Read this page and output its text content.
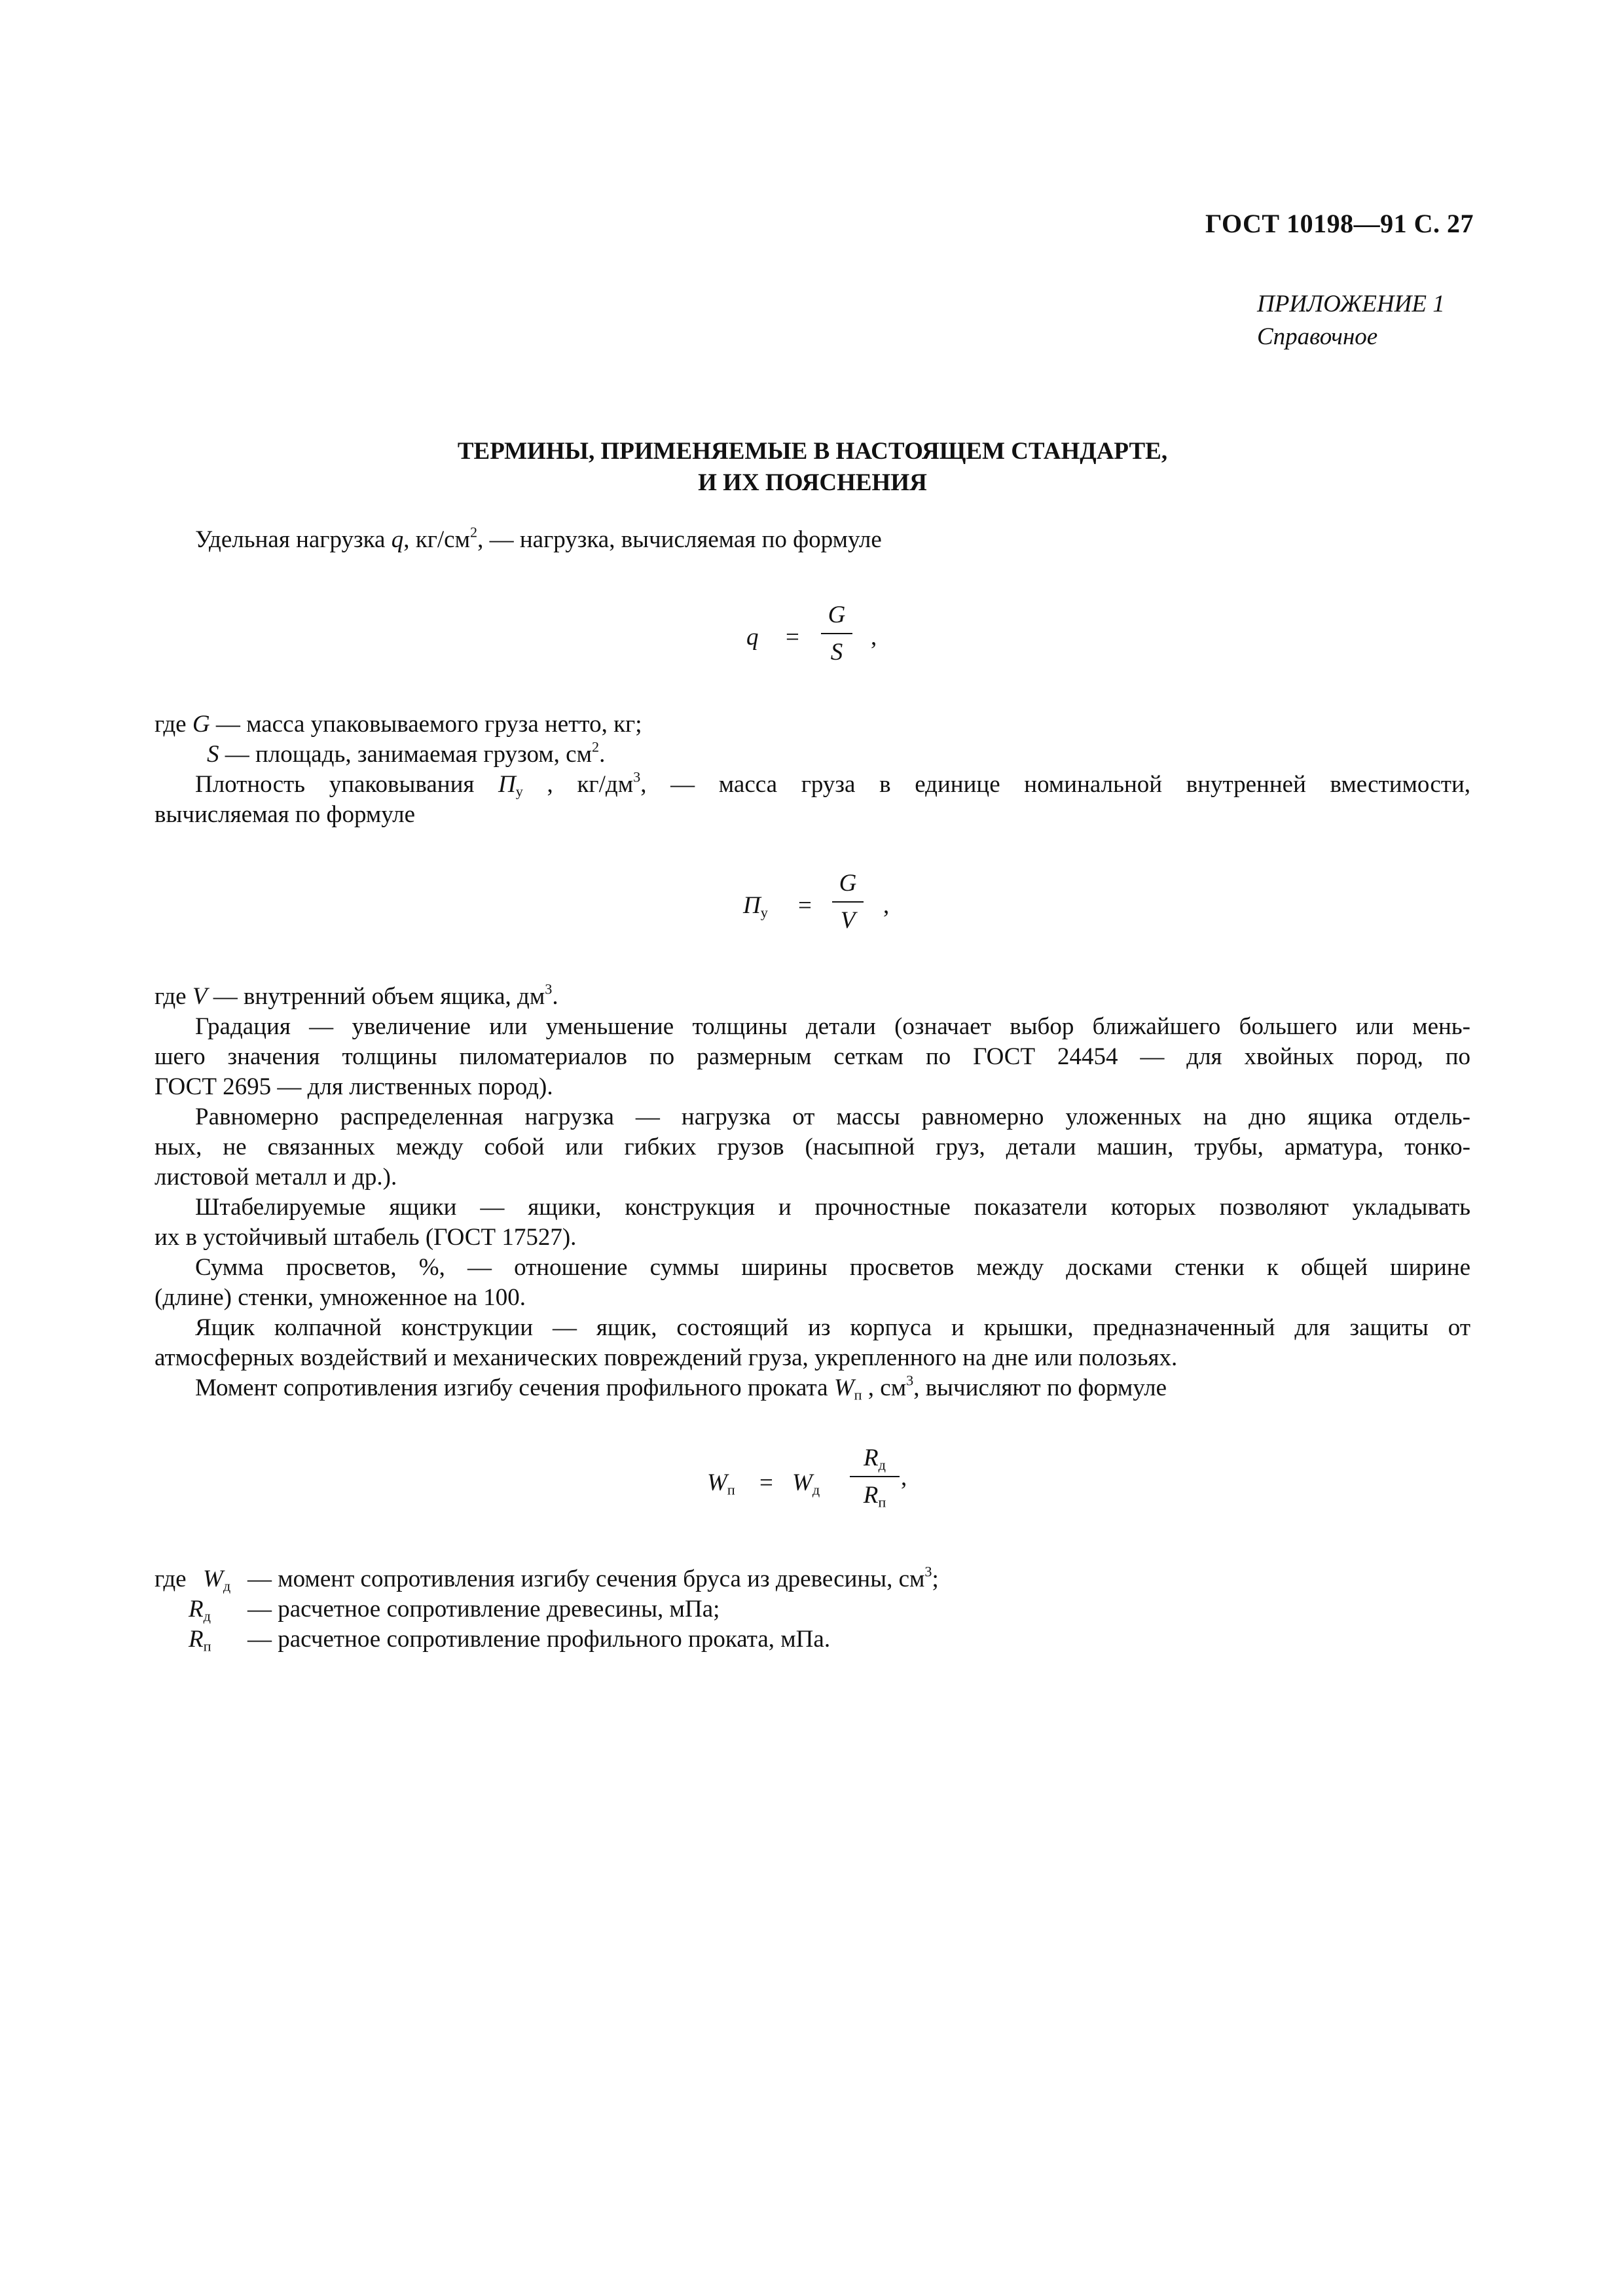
ГОСТ 10198—91 С. 27
ПРИЛОЖЕНИЕ 1
Справочное
ТЕРМИНЫ, ПРИМЕНЯЕМЫЕ В НАСТОЯЩЕМ СТАНДАРТЕ,
И ИХ ПОЯСНЕНИЯ
Удельная нагрузка q, $кг/см^2$, — нагрузка, вычисляемая по формуле
q =
G
S
,
где G — масса упаковываемого груза нетто, кг;
S — площадь, занимаемая грузом, $см^2$.
Плотность упаковывания $П_у$ , $кг/дм^3$, — масса груза в единице номинальной внутренней вместимости,
вычисляемая по формуле
$П_у$ =
G
V
,
где V — внутренний объем ящика, $дм^3$.
Градация — увеличение или уменьшение толщины детали (означает выбор ближайшего большего или мень-
шего значения толщины пиломатериалов по размерным сеткам по ГОСТ 24454 — для хвойных пород, по
ГОСТ 2695 — для лиственных пород).
Равномерно распределенная нагрузка — нагрузка от массы равномерно уложенных на дно ящика отдель-
ных, не связанных между собой или гибких грузов (насыпной груз, детали машин, трубы, арматура, тонко-
листовой металл и др.).
Штабелируемые ящики — ящики, конструкция и прочностные показатели которых позволяют укладывать
их в устойчивый штабель (ГОСТ 17527).
Сумма просветов, %, — отношение суммы ширины просветов между досками стенки к общей ширине
(длине) стенки, умноженное на 100.
Ящик колпачной конструкции — ящик, состоящий из корпуса и крышки, предназначенный для защиты от
атмосферных воздействий и механических повреждений груза, укрепленного на дне или полозьях.
Момент сопротивления изгибу сечения профильного проката $W_п$ , $см^3$, вычисляют по формуле
$W_п = W_д$
$R_д$
$R_п$
,
где $W_д$ — момент сопротивления изгибу сечения бруса из древесины, $см^3$;
$R_д$ — расчетное сопротивление древесины, мПа;
$R_п$ — расчетное сопротивление профильного проката, мПа.
